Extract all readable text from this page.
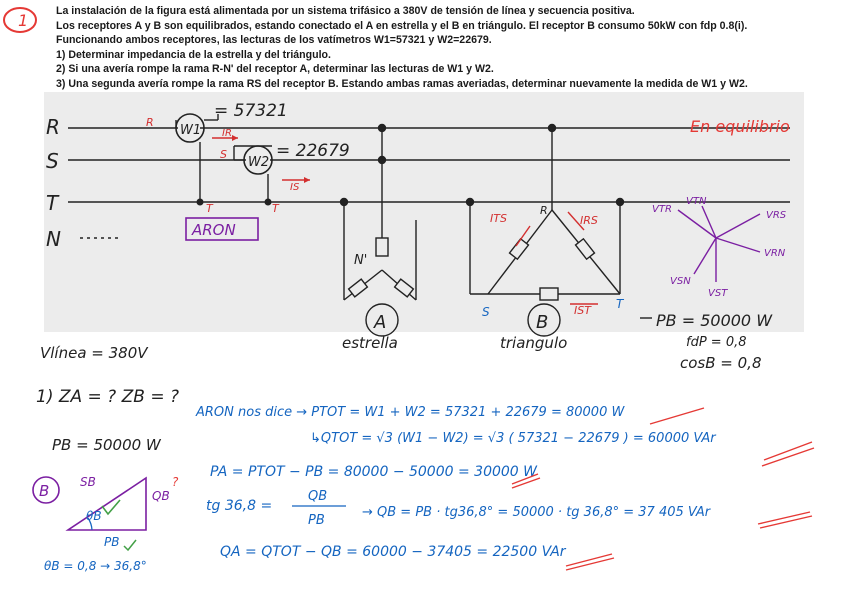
1	La instalación de la figura está alimentada por un sistema trifásico a 380V de tensión de línea y secuencia positiva.
Los receptores A y B son equilibrados, estando conectado el A en estrella y el B en triángulo. El receptor B consumo 50kW con fdp 0.8(i).
Funcionando ambos receptores, las lecturas de los vatímetros W1=57321 y W2=22679.
1) Determinar impedancia de la estrella y del triángulo.
2) Si una avería rompe la rama R-N' del receptor A, determinar las lecturas de W1 y W2.
3) Una segunda avería rompe la rama RS del receptor B. Estando ambas ramas averiadas, determinar nuevamente la medida de W1 y W2.
R
S
T
N
W1
= 57321
R
IR
T
W2
= 22679
S
IS
T
ARON
N'
A
estrella
B
triangulo
R
S
T
ITS	IRS
IST
En equilibrio
VTN
VTR
VRS
VRN
VSN
VST
PB = 50000 W
fdP = 0,8
cosB = 0,8
Vlínea = 380V
1) ZA = ? ZB = ?
PB = 50000 W
ARON nos dice → PTOT = W1 + W2 = 57321 + 22679 = 80000 W
↳QTOT = √3 (W1 − W2) = √3 ( 57321 − 22679 ) = 60000 VAr
PA = PTOT − PB = 80000 − 50000 = 30000 W
tg 36,8 =
QB
PB
→ QB = PB · tg36,8° = 50000 · tg 36,8° = 37 405 VAr
QA = QTOT − QB = 60000 − 37405 = 22500 VAr
B	SB
QB
?
θB
PB
θB = 0,8 → 36,8°
